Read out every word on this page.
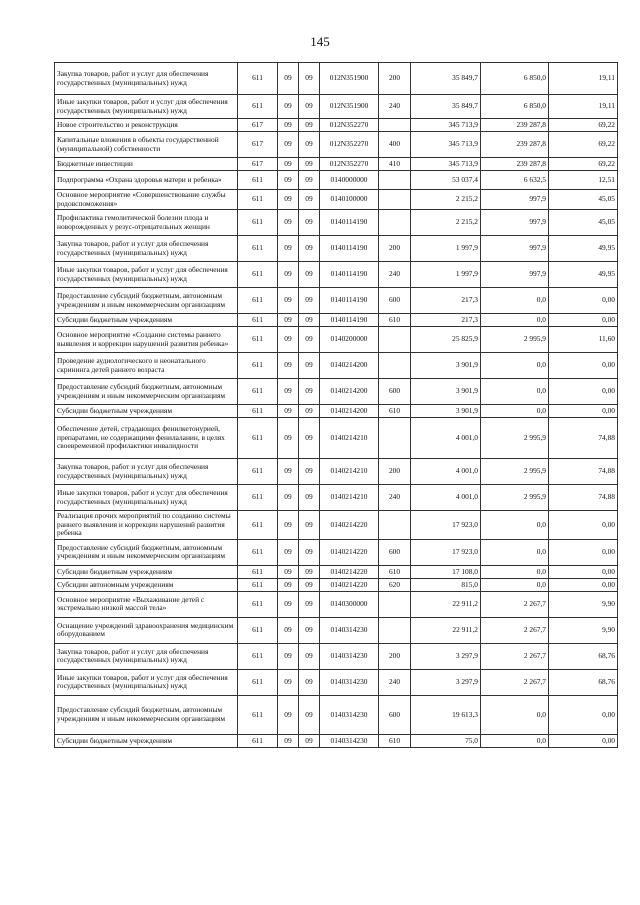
145
Закупка товаров, работ и услуг для обеспечения государственных (муниципальных) нужд	611	09	09	012N351900	200	35 849,7	6 850,0	19,11
Иные закупки товаров, работ и услуг для обеспечения государственных (муниципальных) нужд	611	09	09	012N351900	240	35 849,7	6 850,0	19,11
Новое строительство и реконструкция	617	09	09	012N352270		345 713,9	239 287,8	69,22
Капитальные вложения в объекты государственной (муниципальной) собственности	617	09	09	012N352270	400	345 713,9	239 287,8	69,22
Бюджетные инвестиции	617	09	09	012N352270	410	345 713,9	239 287,8	69,22
Подпрограмма «Охрана здоровья матери и ребенка»	611	09	09	0140000000		53 037,4	6 632,5	12,51
Основное мероприятие «Совершенствование службы родовспоможения»	611	09	09	0140100000		2 215,2	997,9	45,05
Профилактика гемолитической болезни плода и новорожденных у резус-отрицательных женщин	611	09	09	0140114190		2 215,2	997,9	45,05
Закупка товаров, работ и услуг для обеспечения государственных (муниципальных) нужд	611	09	09	0140114190	200	1 997,9	997,9	49,95
Иные закупки товаров, работ и услуг для обеспечения государственных (муниципальных) нужд	611	09	09	0140114190	240	1 997,9	997,9	49,95
Предоставление субсидий бюджетным, автономным учреждениям и иным некоммерческим организациям	611	09	09	0140114190	600	217,3	0,0	0,00
Субсидии бюджетным учреждениям	611	09	09	0140114190	610	217,3	0,0	0,00
Основное мероприятие «Создание системы раннего выявления и коррекции нарушений развития ребенка»	611	09	09	0140200000		25 825,9	2 995,9	11,60
Проведение аудиологического и неонатального скрининга детей раннего возраста	611	09	09	0140214200		3 901,9	0,0	0,00
Предоставление субсидий бюджетным, автономным учреждениям и иным некоммерческим организациям	611	09	09	0140214200	600	3 901,9	0,0	0,00
Субсидии бюджетным учреждениям	611	09	09	0140214200	610	3 901,9	0,0	0,00
Обеспечение детей, страдающих фенилкетонурией, препаратами, не содержащими фенилаланин, в целях своевременной профилактики инвалидности	611	09	09	0140214210		4 001,0	2 995,9	74,88
Закупка товаров, работ и услуг для обеспечения государственных (муниципальных) нужд	611	09	09	0140214210	200	4 001,0	2 995,9	74,88
Иные закупки товаров, работ и услуг для обеспечения государственных (муниципальных) нужд	611	09	09	0140214210	240	4 001,0	2 995,9	74,88
Реализация прочих мероприятий по созданию системы раннего выявления и коррекции нарушений развития ребенка	611	09	09	0140214220		17 923,0	0,0	0,00
Предоставление субсидий бюджетным, автономным учреждениям и иным некоммерческим организациям	611	09	09	0140214220	600	17 923,0	0,0	0,00
Субсидии бюджетным учреждениям	611	09	09	0140214220	610	17 108,0	0,0	0,00
Субсидии автономным учреждениям	611	09	09	0140214220	620	815,0	0,0	0,00
Основное мероприятие «Выхаживание детей с экстремально низкой массой тела»	611	09	09	0140300000		22 911,2	2 267,7	9,90
Оснащение учреждений здравоохранения медицинским оборудованием	611	09	09	0140314230		22 911,2	2 267,7	9,90
Закупка товаров, работ и услуг для обеспечения государственных (муниципальных) нужд	611	09	09	0140314230	200	3 297,9	2 267,7	68,76
Иные закупки товаров, работ и услуг для обеспечения государственных (муниципальных) нужд	611	09	09	0140314230	240	3 297,9	2 267,7	68,76
Предоставление субсидий бюджетным, автономным учреждениям и иным некоммерческим организациям	611	09	09	0140314230	600	19 613,3	0,0	0,00
Субсидии бюджетным учреждениям	611	09	09	0140314230	610	75,0	0,0	0,00
